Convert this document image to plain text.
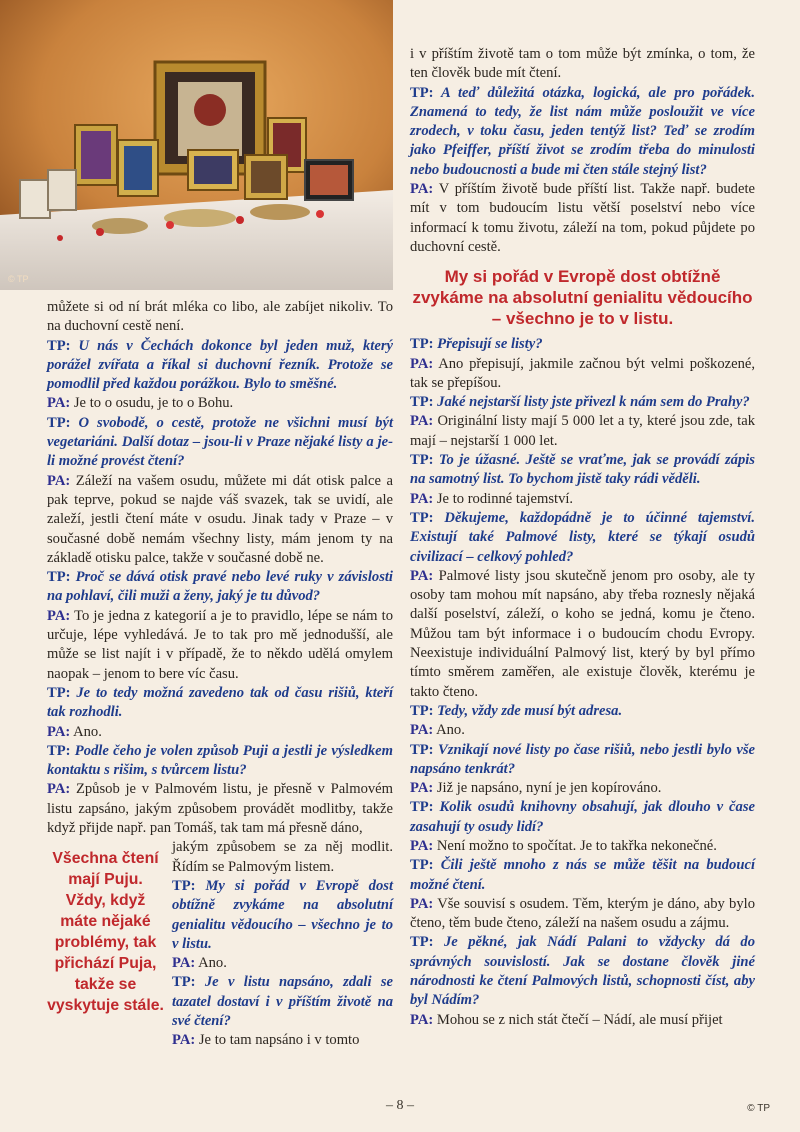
© TP

můžete si od ní brát mléka co libo, ale zabíjet nikoliv. To na duchovní cestě není.

TP: U nás v Čechách dokonce byl jeden muž, který porážel zvířata a říkal si duchovní řezník. Protože se pomodlil před každou porážkou. Bylo to směšné.

PA: Je to o osudu, je to o Bohu.

TP: O svobodě, o cestě, protože ne všichni musí být vegetariáni. Další dotaz – jsou-li v Praze nějaké listy a je-li možné provést čtení?

PA: Záleží na vašem osudu, můžete mi dát otisk palce a pak teprve, pokud se najde váš svazek, tak se uvidí, ale zaleží, jestli čtení máte v osudu. Jinak tady v Praze – v současné době nemám všechny listy, mám jenom ty na základě otisku palce, takže v současné době ne.

TP: Proč se dává otisk pravé nebo levé ruky v závislosti na pohlaví, čili muži a ženy, jaký je tu důvod?

PA: To je jedna z kategorií a je to pravidlo, lépe se nám to určuje, lépe vyhledává. Je to tak pro mě jednodušší, ale může se list najít i v případě, že to někdo udělá omylem naopak – jenom to bere víc času.

TP: Je to tedy možná zavedeno tak od času rišiů, kteří tak rozhodli.

PA: Ano.

TP: Podle čeho je volen způsob Puji a jestli je výsledkem kontaktu s rišim, s tvůrcem listu?

PA: Způsob je v Palmovém listu, je přesně v Palmovém listu zapsáno, jakým způsobem provádět modlitby, takže když přijde např. pan Tomáš, tak tam má přesně dáno,

Všechna čtení mají Puju. Vždy, když máte nějaké problémy, tak přichází Puja, takže se vyskytuje stále.

jakým způsobem se za něj modlit. Řídím se Palmovým listem.

TP: My si pořád v Evropě dost obtížně zvykáme na absolutní genialitu vědoucího – všechno je to v listu.

PA: Ano.

TP: Je v listu napsáno, zdali se tazatel dostaví i v příštím životě na své čtení?

PA: Je to tam napsáno i v tomto

i v příštím životě tam o tom může být zmínka, o tom, že ten člověk bude mít čtení.

TP: A teď důležitá otázka, logická, ale pro pořádek. Znamená to tedy, že list nám může posloužit ve více zrodech, v toku času, jeden tentýž list? Teď se zrodím jako Pfeiffer, příští život se zrodím třeba do minulosti nebo budoucnosti a bude mi čten stále stejný list?

PA: V příštím životě bude příští list. Takže např. budete mít v tom budoucím listu větší poselství nebo více informací k tomu životu, záleží na tom, pokud půjdete po duchovní cestě.

My si pořád v Evropě dost obtížně zvykáme na absolutní genialitu vědoucího – všechno je to v listu.

TP: Přepisují se listy?

PA: Ano přepisují, jakmile začnou být velmi poškozené, tak se přepíšou.

TP: Jaké nejstarší listy jste přivezl k nám sem do Prahy?

PA: Originální listy mají 5 000 let a ty, které jsou zde, tak mají – nejstarší 1 000 let.

TP: To je úžasné. Ještě se vraťme, jak se provádí zápis na samotný list. To bychom jistě taky rádi věděli.

PA: Je to rodinné tajemství.

TP: Děkujeme, každopádně je to účinné tajemství. Existují také Palmové listy, které se týkají osudů civilizací – celkový pohled?

PA: Palmové listy jsou skutečně jenom pro osoby, ale ty osoby tam mohou mít napsáno, aby třeba roznesly nějaká další poselství, záleží, o koho se jedná, komu je čteno. Můžou tam být informace i o budoucím chodu Evropy. Neexistuje individuální Palmový list, který by byl přímo tímto směrem zaměřen, ale existuje člověk, kterému je takto čteno.

TP: Tedy, vždy zde musí být adresa.

PA: Ano.

TP: Vznikají nové listy po čase rišiů, nebo jestli bylo vše napsáno tenkrát?

PA: Již je napsáno, nyní je jen kopírováno.

TP: Kolik osudů knihovny obsahují, jak dlouho v čase zasahují ty osudy lidí?

PA: Není možno to spočítat. Je to takřka nekonečné.

TP: Čili ještě mnoho z nás se může těšit na budoucí možné čtení.

PA: Vše souvisí s osudem. Těm, kterým je dáno, aby bylo čteno, těm bude čteno, záleží na našem osudu a zájmu.

TP: Je pěkné, jak Nádí Palani to vždycky dá do správných souvislostí. Jak se dostane člověk jiné národnosti ke čtení Palmových listů, schopnosti číst, aby byl Nádím?

PA: Mohou se z nich stát čtečí – Nádí, ale musí přijet

– 8 –	© TP
